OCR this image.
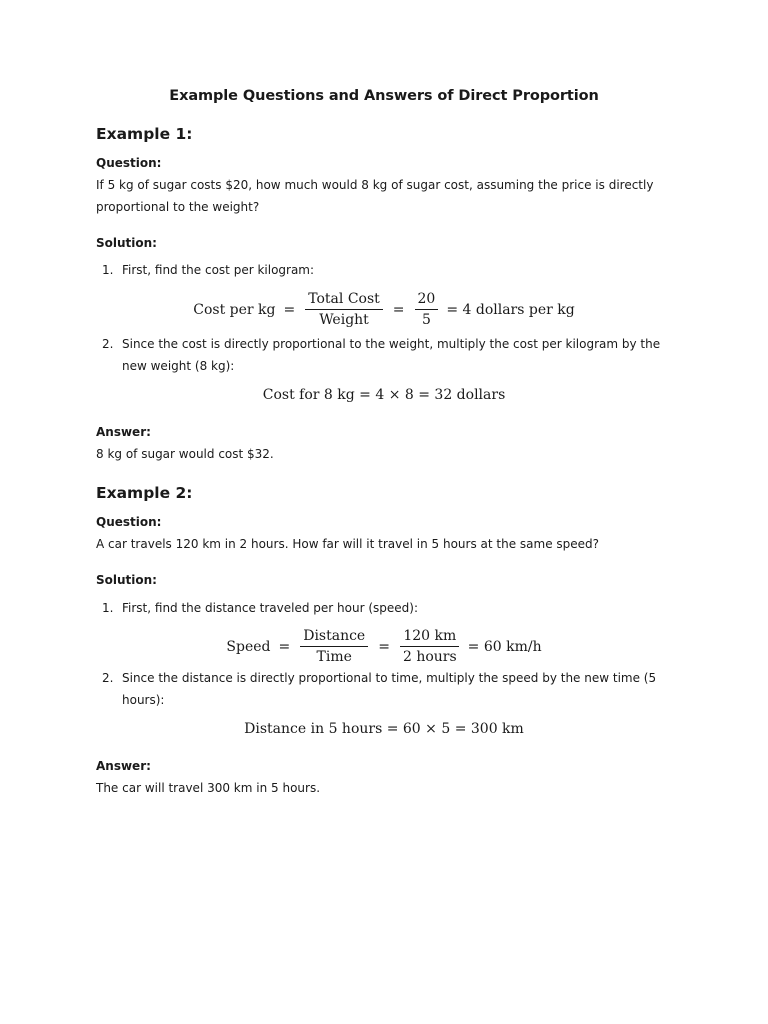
Example Questions and Answers of Direct Proportion
Example 1:
Question:
If 5 kg of sugar costs $20, how much would 8 kg of sugar cost, assuming the price is directly proportional to the weight?
Solution:
1. First, find the cost per kilogram:
Cost per kg = $\frac{\text{Total Cost}}{\text{Weight}} = \frac{20}{5} = 4$ dollars per kg
2. Since the cost is directly proportional to the weight, multiply the cost per kilogram by the new weight (8 kg):
Cost for 8 kg = 4 × 8 = 32 dollars
Answer:
8 kg of sugar would cost $32.
Example 2:
Question:
A car travels 120 km in 2 hours. How far will it travel in 5 hours at the same speed?
Solution:
1. First, find the distance traveled per hour (speed):
Speed = $\frac{\text{Distance}}{\text{Time}} = \frac{120 km}{\text{2 hours}} = 60$ km/h
2. Since the distance is directly proportional to time, multiply the speed by the new time (5 hours):
Distance in 5 hours = 60 × 5 = 300 km
Answer:
The car will travel 300 km in 5 hours.
